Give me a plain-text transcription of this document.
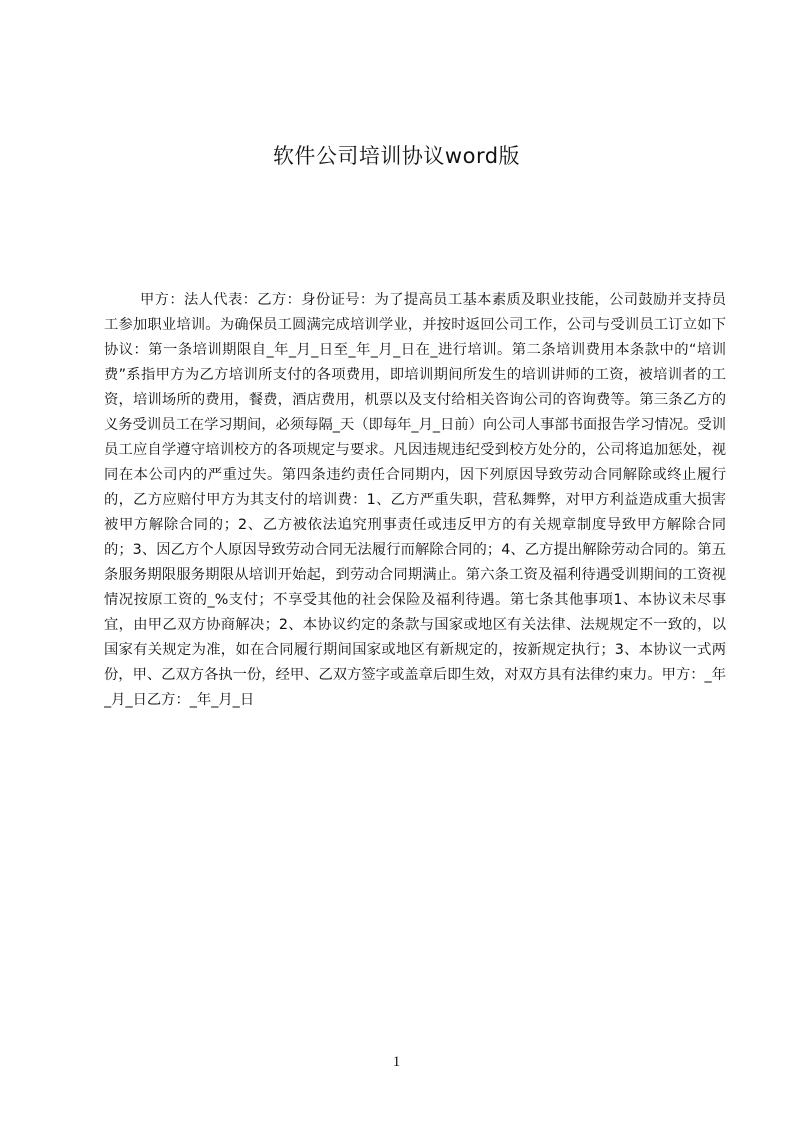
软件公司培训协议word版

甲方：法人代表：乙方：身份证号：为了提高员工基本素质及职业技能，公司鼓励并支持员工参加职业培训。为确保员工圆满完成培训学业，并按时返回公司工作，公司与受训员工订立如下协议：第一条培训期限自_年_月_日至_年_月_日在_进行培训。第二条培训费用本条款中的“培训费”系指甲方为乙方培训所支付的各项费用，即培训期间所发生的培训讲师的工资，被培训者的工资，培训场所的费用，餐费，酒店费用，机票以及支付给相关咨询公司的咨询费等。第三条乙方的义务受训员工在学习期间，必须每隔_天（即每年_月_日前）向公司人事部书面报告学习情况。受训员工应自学遵守培训校方的各项规定与要求。凡因违规违纪受到校方处分的，公司将追加惩处，视同在本公司内的严重过失。第四条违约责任合同期内，因下列原因导致劳动合同解除或终止履行的，乙方应赔付甲方为其支付的培训费：1、乙方严重失职，营私舞弊，对甲方利益造成重大损害被甲方解除合同的；2、乙方被依法追究刑事责任或违反甲方的有关规章制度导致甲方解除合同的；3、因乙方个人原因导致劳动合同无法履行而解除合同的；4、乙方提出解除劳动合同的。第五条服务期限服务期限从培训开始起，到劳动合同期满止。第六条工资及福利待遇受训期间的工资视情况按原工资的_%支付；不享受其他的社会保险及福利待遇。第七条其他事项1、本协议未尽事宜，由甲乙双方协商解决；2、本协议约定的条款与国家或地区有关法律、法规规定不一致的，以国家有关规定为准，如在合同履行期间国家或地区有新规定的，按新规定执行；3、本协议一式两份，甲、乙双方各执一份，经甲、乙双方签字或盖章后即生效，对双方具有法律约束力。甲方：_年_月_日乙方：_年_月_日

1
